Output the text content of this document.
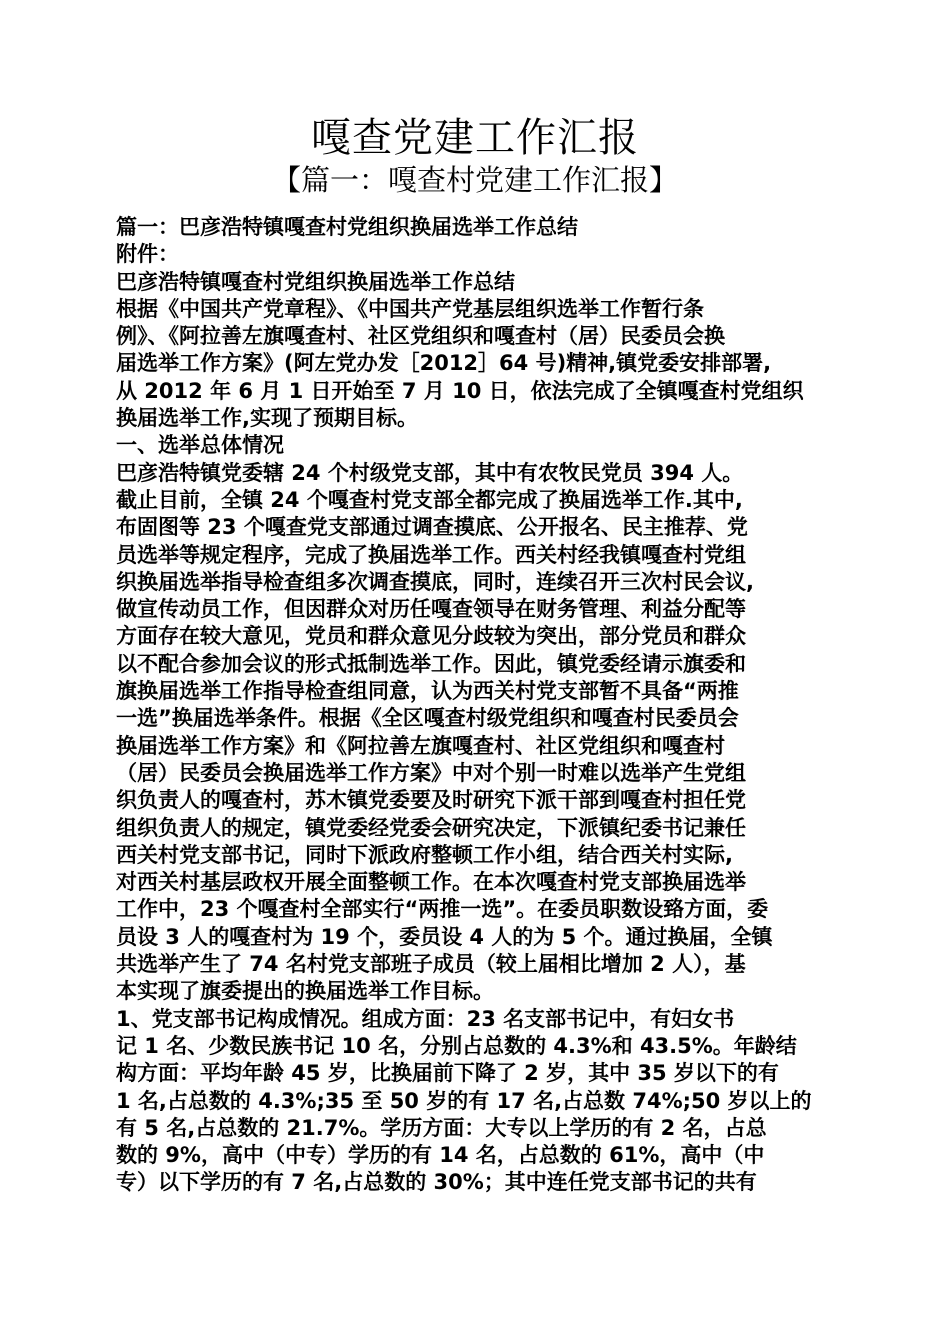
嘎查党建工作汇报
【篇一：嘎查村党建工作汇报】
篇一：巴彦浩特镇嘎查村党组织换届选举工作总结
附件：
巴彦浩特镇嘎查村党组织换届选举工作总结
根据《中国共产党章程》、《中国共产党基层组织选举工作暂行条
例》、《阿拉善左旗嘎查村、社区党组织和嘎查村（居）民委员会换
届选举工作方案》(阿左党办发［2012］64 号)精神,镇党委安排部署,
从 2012 年 6 月 1 日开始至 7 月 10 日，依法完成了全镇嘎查村党组织
换届选举工作,实现了预期目标。
一、选举总体情况
巴彦浩特镇党委辖 24 个村级党支部，其中有农牧民党员 394 人。
截止目前，全镇 24 个嘎查村党支部全都完成了换届选举工作.其中,
布固图等 23 个嘎查党支部通过调查摸底、公开报名、民主推荐、党
员选举等规定程序，完成了换届选举工作。西关村经我镇嘎查村党组
织换届选举指导检查组多次调查摸底，同时，连续召开三次村民会议,
做宣传动员工作，但因群众对历任嘎查领导在财务管理、利益分配等
方面存在较大意见，党员和群众意见分歧较为突出，部分党员和群众
以不配合参加会议的形式抵制选举工作。因此，镇党委经请示旗委和
旗换届选举工作指导检查组同意，认为西关村党支部暂不具备“两推
一选”换届选举条件。根据《全区嘎查村级党组织和嘎查村民委员会
换届选举工作方案》和《阿拉善左旗嘎查村、社区党组织和嘎查村
（居）民委员会换届选举工作方案》中对个别一时难以选举产生党组
织负责人的嘎查村，苏木镇党委要及时研究下派干部到嘎查村担任党
组织负责人的规定，镇党委经党委会研究决定，下派镇纪委书记兼任
西关村党支部书记，同时下派政府整顿工作小组，结合西关村实际,
对西关村基层政权开展全面整顿工作。在本次嘎查村党支部换届选举
工作中，23 个嘎查村全部实行“两推一选”。在委员职数设臵方面，委
员设 3 人的嘎查村为 19 个，委员设 4 人的为 5 个。通过换届，全镇
共选举产生了 74 名村党支部班子成员（较上届相比增加 2 人），基
本实现了旗委提出的换届选举工作目标。
1、党支部书记构成情况。组成方面：23 名支部书记中，有妇女书
记 1 名、少数民族书记 10 名，分别占总数的 4.3%和 43.5%。年龄结
构方面：平均年龄 45 岁，比换届前下降了 2 岁，其中 35 岁以下的有
1 名,占总数的 4.3%;35 至 50 岁的有 17 名,占总数 74%;50 岁以上的
有 5 名,占总数的 21.7%。学历方面：大专以上学历的有 2 名，占总
数的 9%，高中（中专）学历的有 14 名，占总数的 61%，高中（中
专）以下学历的有 7 名,占总数的 30%；其中连任党支部书记的共有
